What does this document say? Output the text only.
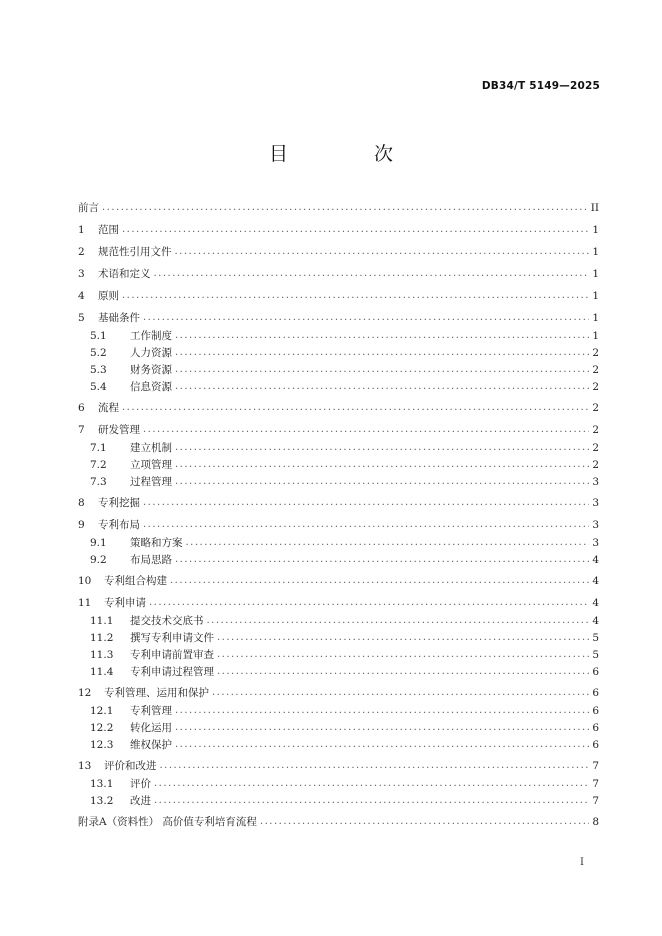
DB34/T 5149—2025
目 次
前言 .....	II
1	范围 .....	1
2	规范性引用文件 .....	1
3	术语和定义 .....	1
4	原则 .....	1
5	基础条件 .....	1
5.1	工作制度 .....	1
5.2	人力资源 .....	2
5.3	财务资源 .....	2
5.4	信息资源 .....	2
6	流程 .....	2
7	研发管理 .....	2
7.1	建立机制 .....	2
7.2	立项管理 .....	2
7.3	过程管理 .....	3
8	专利挖掘 .....	3
9	专利布局 .....	3
9.1	策略和方案 .....	3
9.2	布局思路 .....	4
10	专利组合构建 .....	4
11	专利申请 .....	4
11.1	提交技术交底书 .....	4
11.2	撰写专利申请文件 .....	5
11.3	专利申请前置审查 .....	5
11.4	专利申请过程管理 .....	6
12	专利管理、运用和保护 .....	6
12.1	专利管理 .....	6
12.2	转化运用 .....	6
12.3	维权保护 .....	6
13	评价和改进 .....	7
13.1	评价 .....	7
13.2	改进 .....	7
附录A（资料性） 高价值专利培育流程 .....	8
I
